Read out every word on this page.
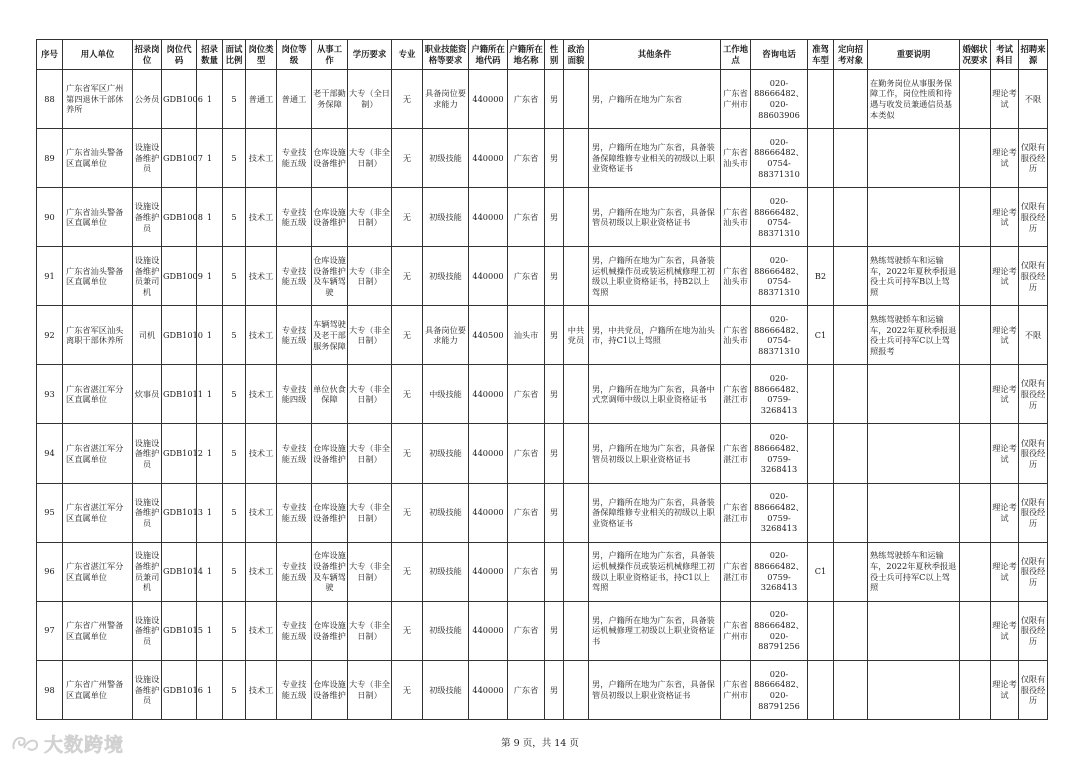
序号	用人单位	招录岗位	岗位代码	招录数量	面试比例	岗位类型	岗位等级	从事工作	学历要求	专业	职业技能资格等要求	户籍所在地代码	户籍所在地名称	性别	政治面貌	其他条件	工作地点	咨询电话	准驾车型	定向招考对象	重要说明	婚姻状况要求	考试科目	招聘来源
88	广东省军区广州第四退休干部休养所	公务员	GDB1006	1	5	普通工	普通工	老干部勤务保障	大专（全日制）	无	具备岗位要求能力	440000	广东省	男		男，户籍所在地为广东省	广东省广州市	020-88666482、020-88603906			在勤务岗位从事服务保障工作，岗位性质和待遇与收发员兼通信员基本类似		理论考试	不限
89	广东省汕头警备区直属单位	设施设备维护员	GDB1007	1	5	技术工	专业技能五级	仓库设施设备维护	大专（非全日制）	无	初级技能	440000	广东省	男		男，户籍所在地为广东省，具备装备保障维修专业相关的初级以上职业资格证书	广东省汕头市	020-88666482、0754-88371310					理论考试	仅限有服役经历
90	广东省汕头警备区直属单位	设施设备维护员	GDB1008	1	5	技术工	专业技能五级	仓库设施设备维护	大专（非全日制）	无	初级技能	440000	广东省	男		男，户籍所在地为广东省，具备保管员初级以上职业资格证书	广东省汕头市	020-88666482、0754-88371310					理论考试	仅限有服役经历
91	广东省汕头警备区直属单位	设施设备维护员兼司机	GDB1009	1	5	技术工	专业技能五级	仓库设施设备维护及车辆驾驶	大专（非全日制）	无	初级技能	440000	广东省	男		男，户籍所在地为广东省，具备装运机械操作员或装运机械修理工初级以上职业资格证书，持B2以上驾照	广东省汕头市	020-88666482、0754-88371310	B2		熟练驾驶轿车和运输车，2022年夏秋季报退役士兵可持军B以上驾照		理论考试	仅限有服役经历
92	广东省军区汕头离职干部休养所	司机	GDB1010	1	5	技术工	专业技能五级	车辆驾驶及老干部服务保障	大专（非全日制）	无	具备岗位要求能力	440500	汕头市	男	中共党员	男，中共党员，户籍所在地为汕头市，持C1以上驾照	广东省汕头市	020-88666482、0754-88371310	C1		熟练驾驶轿车和运输车，2022年夏秋季报退役士兵可持军C以上驾照报考		理论考试	不限
93	广东省湛江军分区直属单位	炊事员	GDB1011	1	5	技术工	专业技能四级	单位伙食保障	大专（非全日制）	无	中级技能	440000	广东省	男		男，户籍所在地为广东省，具备中式烹调师中级以上职业资格证书	广东省湛江市	020-88666482、0759-3268413					理论考试	仅限有服役经历
94	广东省湛江军分区直属单位	设施设备维护员	GDB1012	1	5	技术工	专业技能五级	仓库设施设备维护	大专（非全日制）	无	初级技能	440000	广东省	男		男，户籍所在地为广东省，具备保管员初级以上职业资格证书	广东省湛江市	020-88666482、0759-3268413					理论考试	仅限有服役经历
95	广东省湛江军分区直属单位	设施设备维护员	GDB1013	1	5	技术工	专业技能五级	仓库设施设备维护	大专（非全日制）	无	初级技能	440000	广东省	男		男，户籍所在地为广东省，具备装备保障维修专业相关的初级以上职业资格证书	广东省湛江市	020-88666482、0759-3268413					理论考试	仅限有服役经历
96	广东省湛江军分区直属单位	设施设备维护员兼司机	GDB1014	1	5	技术工	专业技能五级	仓库设施设备维护及车辆驾驶	大专（非全日制）	无	初级技能	440000	广东省	男		男，户籍所在地为广东省，具备装运机械操作员或装运机械修理工初级以上职业资格证书，持C1以上驾照	广东省湛江市	020-88666482、0759-3268413	C1		熟练驾驶轿车和运输车，2022年夏秋季报退役士兵可持军C以上驾照		理论考试	仅限有服役经历
97	广东省广州警备区直属单位	设施设备维护员	GDB1015	1	5	技术工	专业技能五级	仓库设施设备维护	大专（非全日制）	无	初级技能	440000	广东省	男		男，户籍所在地为广东省，具备装运机械修理工初级以上职业资格证书	广东省广州市	020-88666482、020-88791256					理论考试	仅限有服役经历
98	广东省广州警备区直属单位	设施设备维护员	GDB1016	1	5	技术工	专业技能五级	仓库设施设备维护	大专（非全日制）	无	初级技能	440000	广东省	男		男，户籍所在地为广东省，具备保管员初级以上职业资格证书	广东省广州市	020-88666482、020-88791256					理论考试	仅限有服役经历
第 9 页，共 14 页
大数跨境
